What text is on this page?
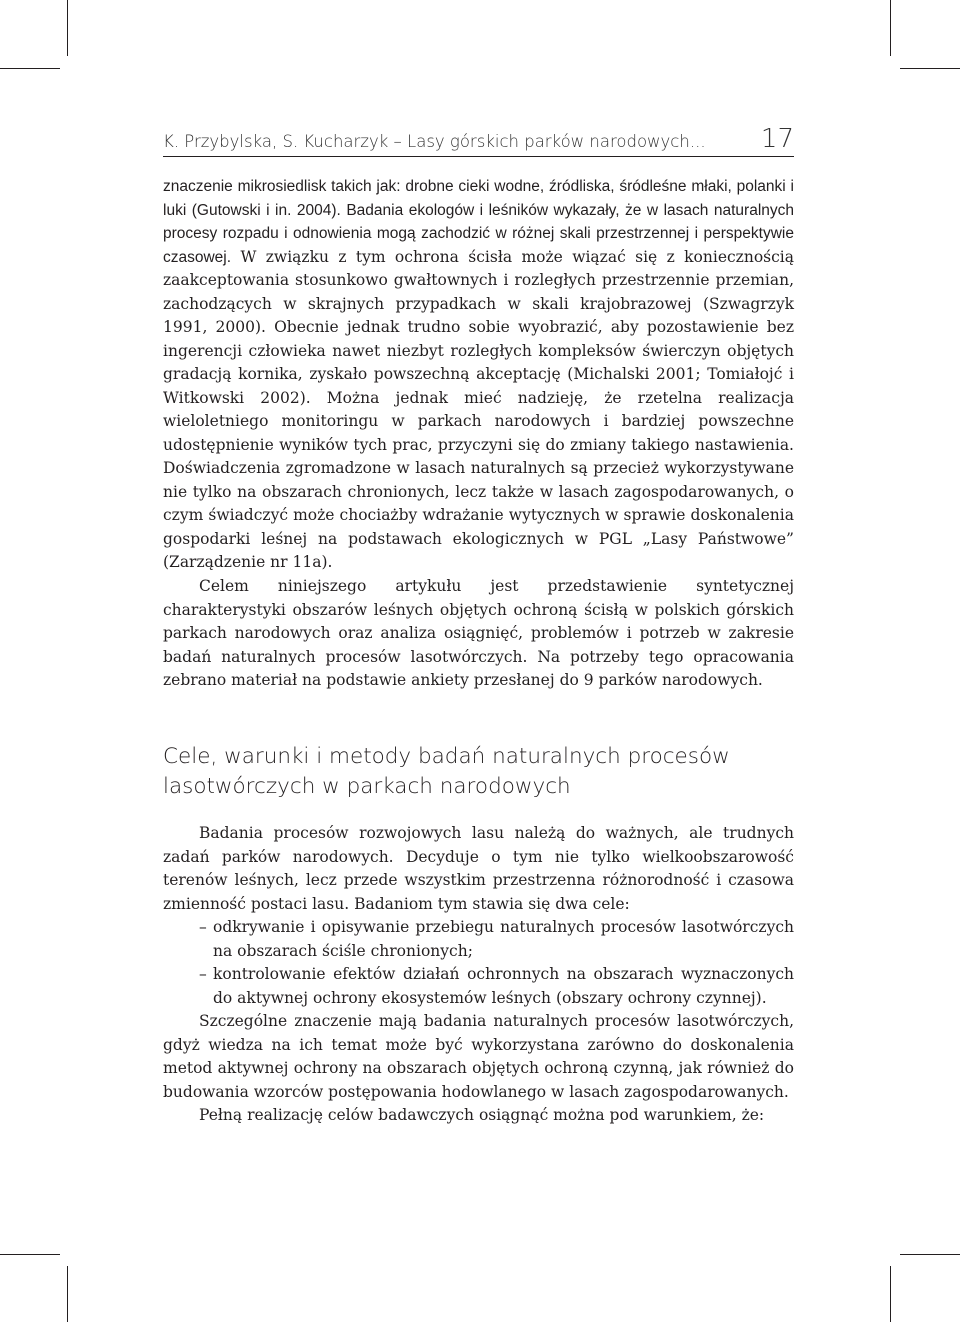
K. Przybylska, S. Kucharzyk – Lasy górskich parków narodowych... 17

znaczenie mikrosiedlisk takich jak: drobne cieki wodne, źródliska, śródleśne młaki, polanki i luki (Gutowski i in. 2004). Badania ekologów i leśników wykazały, że w lasach naturalnych procesy rozpadu i odnowienia mogą zachodzić w różnej skali przestrzennej i perspektywie czasowej. W związku z tym ochrona ścisła może wiązać się z koniecznością zaakceptowania stosunkowo gwałtownych i rozległych przestrzennie przemian, zachodzących w skrajnych przypadkach w skali krajobrazowej (Szwagrzyk 1991, 2000). Obecnie jednak trudno sobie wyobrazić, aby pozostawienie bez ingerencji człowieka nawet niezbyt rozległych kompleksów świerczyn objętych gradacją kornika, zyskało powszechną akceptację (Michalski 2001; Tomiałojć i Witkowski 2002). Można jednak mieć nadzieję, że rzetelna realizacja wieloletniego monitoringu w parkach narodowych i bardziej powszechne udostępnienie wyników tych prac, przyczyni się do zmiany takiego nastawienia. Doświadczenia zgromadzone w lasach naturalnych są przecież wykorzystywane nie tylko na obszarach chronionych, lecz także w lasach zagospodarowanych, o czym świadczyć może chociażby wdrażanie wytycznych w sprawie doskonalenia gospodarki leśnej na podstawach ekologicznych w PGL „Lasy Państwowe” (Zarządzenie nr 11a).

Celem niniejszego artykułu jest przedstawienie syntetycznej charakterystyki obszarów leśnych objętych ochroną ścisłą w polskich górskich parkach narodowych oraz analiza osiągnięć, problemów i potrzeb w zakresie badań naturalnych procesów lasotwórczych. Na potrzeby tego opracowania zebrano materiał na podstawie ankiety przesłanej do 9 parków narodowych.

Cele, warunki i metody badań naturalnych procesów lasotwórczych w parkach narodowych

Badania procesów rozwojowych lasu należą do ważnych, ale trudnych zadań parków narodowych. Decyduje o tym nie tylko wielkoobszarowość terenów leśnych, lecz przede wszystkim przestrzenna różnorodność i czasowa zmienność postaci lasu. Badaniom tym stawia się dwa cele:

– odkrywanie i opisywanie przebiegu naturalnych procesów lasotwórczych na obszarach ściśle chronionych;
– kontrolowanie efektów działań ochronnych na obszarach wyznaczonych do aktywnej ochrony ekosystemów leśnych (obszary ochrony czynnej).

Szczególne znaczenie mają badania naturalnych procesów lasotwórczych, gdyż wiedza na ich temat może być wykorzystana zarówno do doskonalenia metod aktywnej ochrony na obszarach objętych ochroną czynną, jak również do budowania wzorców postępowania hodowlanego w lasach zagospodarowanych.

Pełną realizację celów badawczych osiągnąć można pod warunkiem, że:
